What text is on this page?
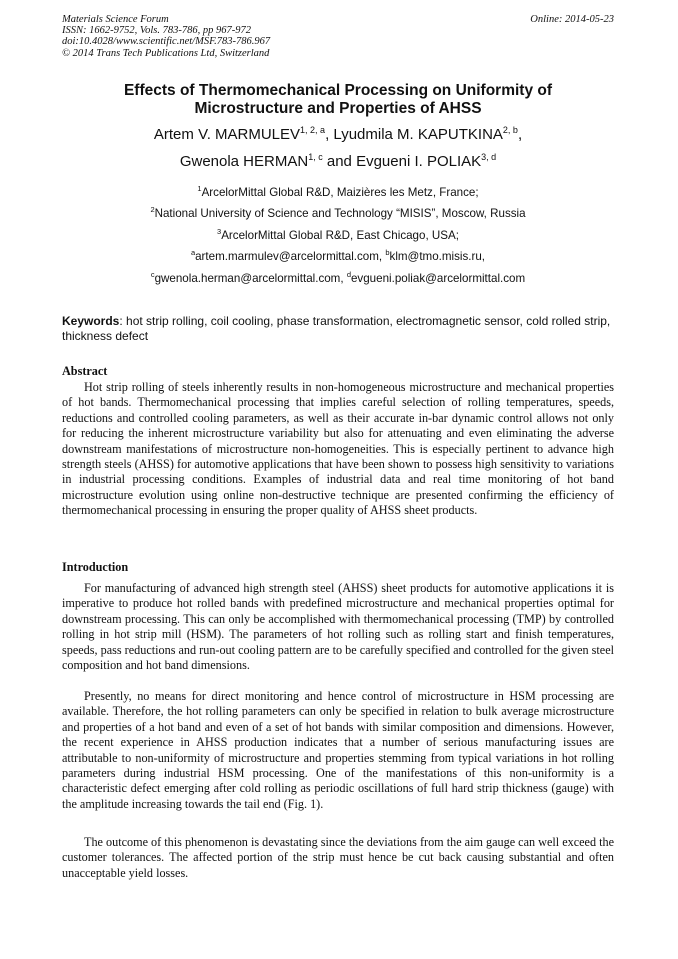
Materials Science Forum
ISSN: 1662-9752, Vols. 783-786, pp 967-972
doi:10.4028/www.scientific.net/MSF.783-786.967
© 2014 Trans Tech Publications Ltd, Switzerland
Online: 2014-05-23
Effects of Thermomechanical Processing on Uniformity of
Microstructure and Properties of AHSS
Artem V. MARMULEV$^{1, 2, a}$, Lyudmila M. KAPUTKINA$^{2, b}$,
Gwenola HERMAN$^{1, c}$ and Evgueni I. POLIAK$^{3, d}$
$^1$ArcelorMittal Global R&D, Maizières les Metz, France;
$^2$National University of Science and Technology “MISIS”, Moscow, Russia
$^3$ArcelorMittal Global R&D, East Chicago, USA;
$^a$artem.marmulev@arcelormittal.com, $^b$klm@tmo.misis.ru,
$^c$gwenola.herman@arcelormittal.com, $^d$evgueni.poliak@arcelormittal.com
Keywords: hot strip rolling, coil cooling, phase transformation, electromagnetic sensor, cold rolled strip, thickness defect
Abstract
Hot strip rolling of steels inherently results in non-homogeneous microstructure and mechanical properties of hot bands. Thermomechanical processing that implies careful selection of rolling temperatures, speeds, reductions and controlled cooling parameters, as well as their accurate in-bar dynamic control allows not only for reducing the inherent microstructure variability but also for attenuating and even eliminating the adverse downstream manifestations of microstructure non-homogeneities. This is especially pertinent to advance high strength steels (AHSS) for automotive applications that have been shown to possess high sensitivity to variations in industrial processing conditions. Examples of industrial data and real time monitoring of hot band microstructure evolution using online non-destructive technique are presented confirming the efficiency of thermomechanical processing in ensuring the proper quality of AHSS sheet products.
Introduction
For manufacturing of advanced high strength steel (AHSS) sheet products for automotive applications it is imperative to produce hot rolled bands with predefined microstructure and mechanical properties optimal for downstream processing. This can only be accomplished with thermomechanical processing (TMP) by controlled rolling in hot strip mill (HSM). The parameters of hot rolling such as rolling start and finish temperatures, speeds, pass reductions and run-out cooling pattern are to be carefully specified and controlled for the given steel composition and hot band dimensions.
Presently, no means for direct monitoring and hence control of microstructure in HSM processing are available. Therefore, the hot rolling parameters can only be specified in relation to bulk average microstructure and properties of a hot band and even of a set of hot bands with similar composition and dimensions. However, the recent experience in AHSS production indicates that a number of serious manufacturing issues are attributable to non-uniformity of microstructure and properties stemming from typical variations in hot rolling parameters during industrial HSM processing. One of the manifestations of this non-uniformity is a characteristic defect emerging after cold rolling as periodic oscillations of full hard strip thickness (gauge) with the amplitude increasing towards the tail end (Fig. 1).
The outcome of this phenomenon is devastating since the deviations from the aim gauge can well exceed the customer tolerances. The affected portion of the strip must hence be cut back causing substantial and often unacceptable yield losses.
